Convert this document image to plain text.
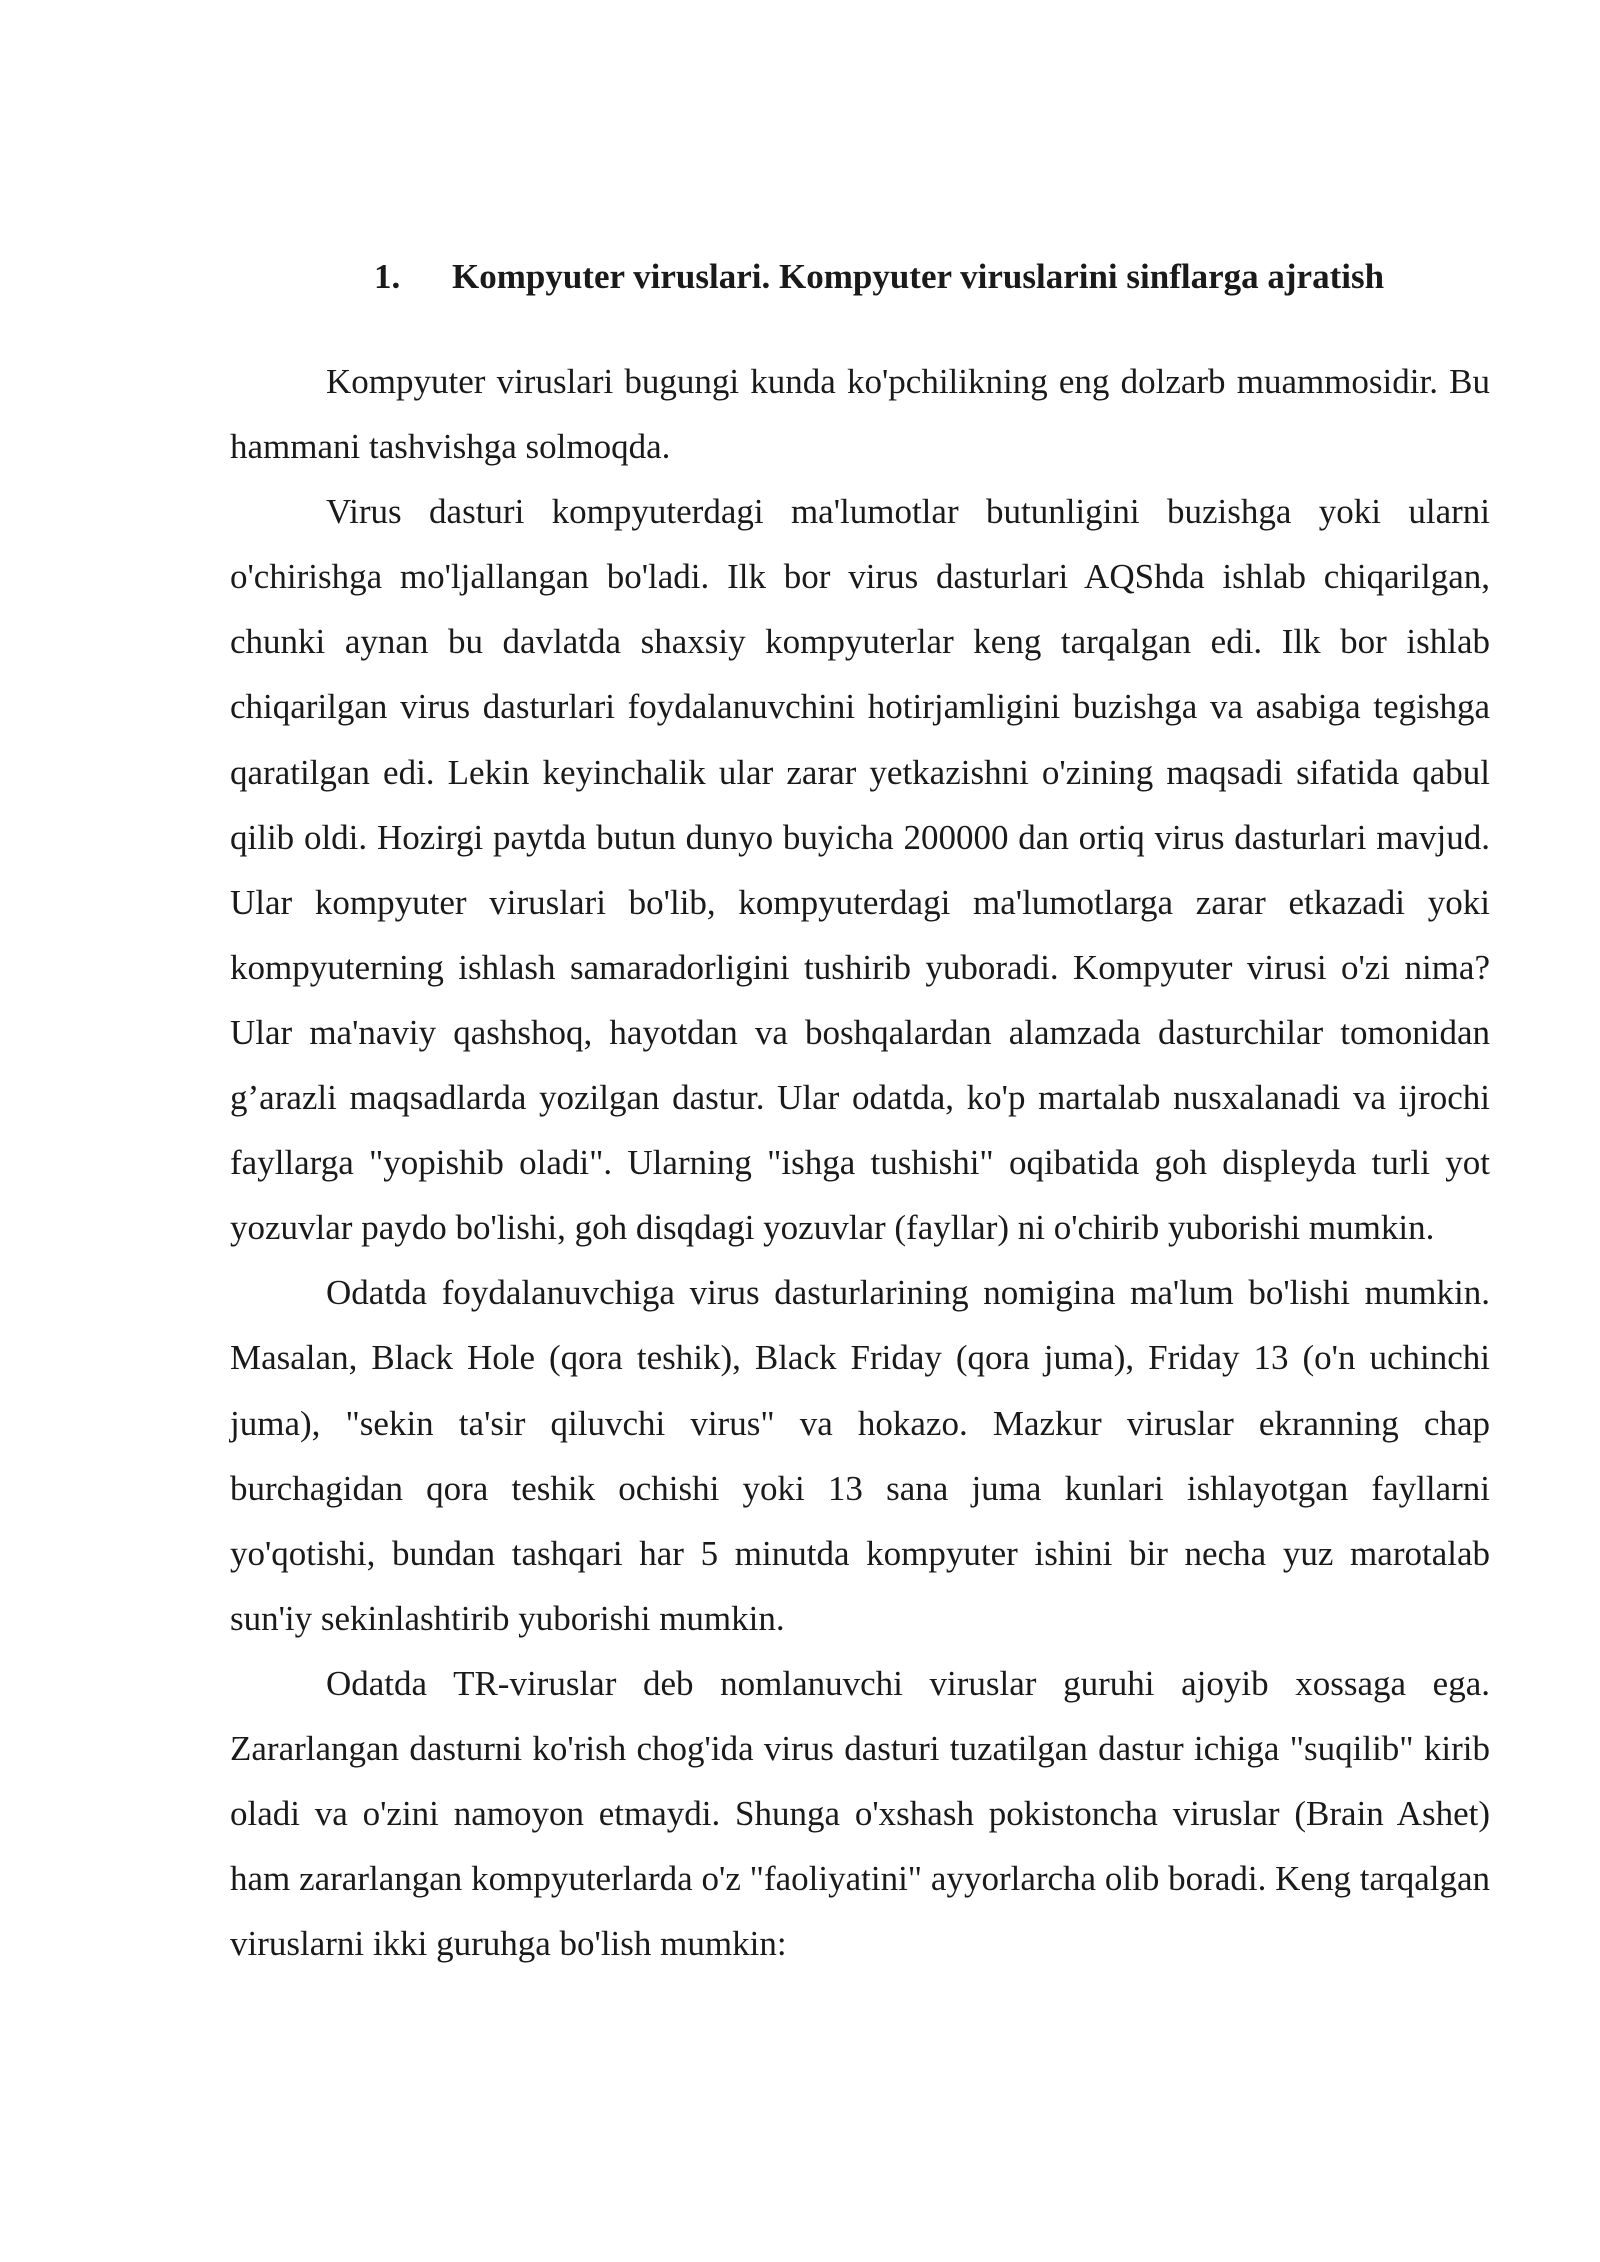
1. Kompyuter viruslari. Kompyuter viruslarini sinflarga ajratish

Kompyuter viruslari bugungi kunda ko'pchilikning eng dolzarb muammosidir. Bu hammani tashvishga solmoqda.

Virus dasturi kompyuterdagi ma'lumotlar butunligini buzishga yoki ularni o'chirishga mo'ljallangan bo'ladi. Ilk bor virus dasturlari AQShda ishlab chiqarilgan, chunki aynan bu davlatda shaxsiy kompyuterlar keng tarqalgan edi. Ilk bor ishlab chiqarilgan virus dasturlari foydalanuvchini hotirjamligini buzishga va asabiga tegishga qaratilgan edi. Lekin keyinchalik ular zarar yetkazishni o'zining maqsadi sifatida qabul qilib oldi. Hozirgi paytda butun dunyo buyicha 200000 dan ortiq virus dasturlari mavjud. Ular kompyuter viruslari bo'lib, kompyuterdagi ma'lumotlarga zarar etkazadi yoki kompyuterning ishlash samaradorligini tushirib yuboradi. Kompyuter virusi o'zi nima? Ular ma'naviy qashshoq, hayotdan va boshqalardan alamzada dasturchilar tomonidan g’arazli maqsadlarda yozilgan dastur. Ular odatda, ko'p martalab nusxalanadi va ijrochi fayllarga "yopishib oladi". Ularning "ishga tushishi" oqibatida goh displeyda turli yot yozuvlar paydo bo'lishi, goh disqdagi yozuvlar (fayllar) ni o'chirib yuborishi mumkin.

Odatda foydalanuvchiga virus dasturlarining nomigina ma'lum bo'lishi mumkin. Masalan, Black Hole (qora teshik), Black Friday (qora juma), Friday 13 (o'n uchinchi juma), "sekin ta'sir qiluvchi virus" va hokazo. Mazkur viruslar ekranning chap burchagidan qora teshik ochishi yoki 13 sana juma kunlari ishlayotgan fayllarni yo'qotishi, bundan tashqari har 5 minutda kompyuter ishini bir necha yuz marotalab sun'iy sekinlashtirib yuborishi mumkin.

Odatda TR-viruslar deb nomlanuvchi viruslar guruhi ajoyib xossaga ega. Zararlangan dasturni ko'rish chog'ida virus dasturi tuzatilgan dastur ichiga "suqilib" kirib oladi va o'zini namoyon etmaydi. Shunga o'xshash pokistoncha viruslar (Brain Ashet) ham zararlangan kompyuterlarda o'z "faoliyatini" ayyorlarcha olib boradi. Keng tarqalgan viruslarni ikki guruhga bo'lish mumkin:
